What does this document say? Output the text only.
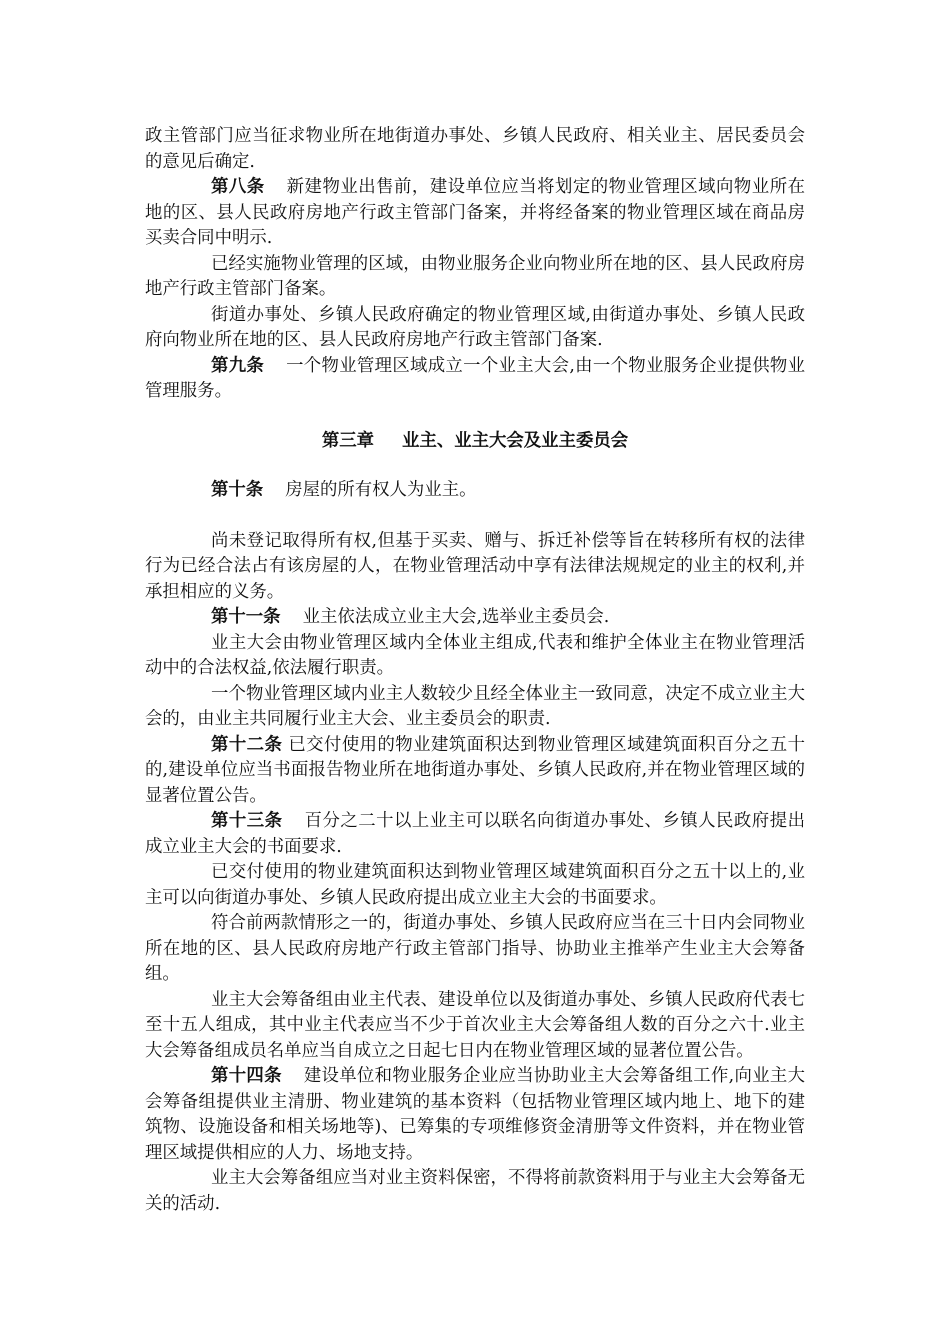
政主管部门应当征求物业所在地街道办事处、乡镇人民政府、相关业主、居民委员会的意见后确定.

第八条 新建物业出售前，建设单位应当将划定的物业管理区域向物业所在地的区、县人民政府房地产行政主管部门备案，并将经备案的物业管理区域在商品房买卖合同中明示.

已经实施物业管理的区域，由物业服务企业向物业所在地的区、县人民政府房地产行政主管部门备案。

街道办事处、乡镇人民政府确定的物业管理区域,由街道办事处、乡镇人民政府向物业所在地的区、县人民政府房地产行政主管部门备案.

第九条 一个物业管理区域成立一个业主大会,由一个物业服务企业提供物业管理服务。

第三章 业主、业主大会及业主委员会

第十条 房屋的所有权人为业主。

尚未登记取得所有权,但基于买卖、赠与、拆迁补偿等旨在转移所有权的法律行为已经合法占有该房屋的人，在物业管理活动中享有法律法规规定的业主的权利,并承担相应的义务。

第十一条 业主依法成立业主大会,选举业主委员会.

业主大会由物业管理区域内全体业主组成,代表和维护全体业主在物业管理活动中的合法权益,依法履行职责。

一个物业管理区域内业主人数较少且经全体业主一致同意，决定不成立业主大会的，由业主共同履行业主大会、业主委员会的职责.

第十二条 已交付使用的物业建筑面积达到物业管理区域建筑面积百分之五十的,建设单位应当书面报告物业所在地街道办事处、乡镇人民政府,并在物业管理区域的显著位置公告。

第十三条 百分之二十以上业主可以联名向街道办事处、乡镇人民政府提出成立业主大会的书面要求.

已交付使用的物业建筑面积达到物业管理区域建筑面积百分之五十以上的,业主可以向街道办事处、乡镇人民政府提出成立业主大会的书面要求。

符合前两款情形之一的，街道办事处、乡镇人民政府应当在三十日内会同物业所在地的区、县人民政府房地产行政主管部门指导、协助业主推举产生业主大会筹备组。

业主大会筹备组由业主代表、建设单位以及街道办事处、乡镇人民政府代表七至十五人组成，其中业主代表应当不少于首次业主大会筹备组人数的百分之六十.业主大会筹备组成员名单应当自成立之日起七日内在物业管理区域的显著位置公告。

第十四条 建设单位和物业服务企业应当协助业主大会筹备组工作,向业主大会筹备组提供业主清册、物业建筑的基本资料（包括物业管理区域内地上、地下的建筑物、设施设备和相关场地等)、已筹集的专项维修资金清册等文件资料，并在物业管理区域提供相应的人力、场地支持。

业主大会筹备组应当对业主资料保密，不得将前款资料用于与业主大会筹备无关的活动.
